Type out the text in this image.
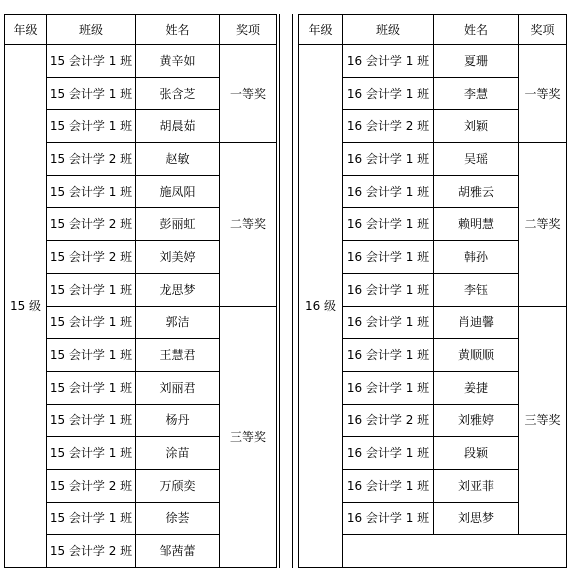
年级	班级	姓名	奖项	
15 级	15 会计学 1 班	黄辛如	一等奖	
	15 会计学 1 班	张含芝		
	15 会计学 1 班	胡晨茹		
	15 会计学 2 班	赵敏	二等奖	
	15 会计学 1 班	施凤阳		
	15 会计学 2 班	彭丽虹		
	15 会计学 2 班	刘美婷		
	15 会计学 1 班	龙思梦		
	15 会计学 1 班	郭洁	三等奖	
	15 会计学 1 班	王慧君		
	15 会计学 1 班	刘丽君		
	15 会计学 1 班	杨丹		
	15 会计学 1 班	涂苗		
	15 会计学 2 班	万颀奕		
	15 会计学 1 班	徐荟		
	15 会计学 2 班	邹茜蕾		
年级	班级	姓名	奖项
16 级	16 会计学 1 班	夏珊	一等奖
	16 会计学 1 班	李慧	
	16 会计学 2 班	刘颖	
	16 会计学 1 班	吴瑶	二等奖
	16 会计学 1 班	胡雅云	
	16 会计学 1 班	赖明慧	
	16 会计学 1 班	韩孙	
	16 会计学 1 班	李钰	
	16 会计学 1 班	肖迪馨	三等奖
	16 会计学 1 班	黄顺顺	
	16 会计学 1 班	姜捷	
	16 会计学 2 班	刘雅婷	
	16 会计学 1 班	段颖	
	16 会计学 1 班	刘亚菲	
	16 会计学 1 班	刘思梦	
